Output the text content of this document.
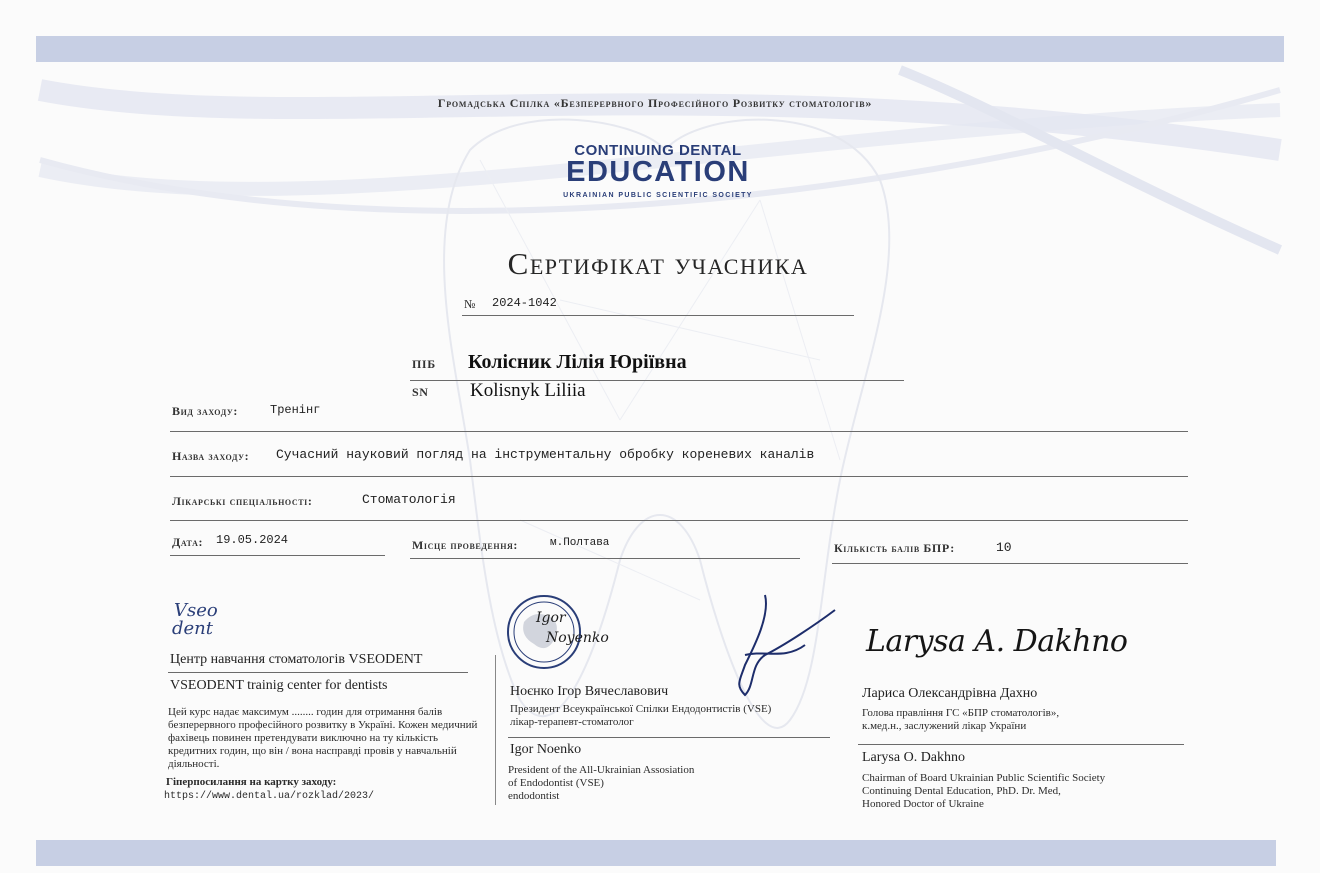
Громадська Спілка «Безперервного Професійного Розвитку стоматологів»
CONTINUING DENTAL
EDUCATION
UKRAINIAN PUBLIC SCIENTIFIC SOCIETY
Сертифікат учасника
№ 2024-1042
ПІБ Колісник Лілія Юріївна
SN Kolisnyk Liliia
Вид заходу:	Тренінг
Назва заходу: Сучасний науковий погляд на інструментальну обробку кореневих каналів
Лікарські спеціальності:	Стоматологія
Дата: 19.05.2024	Місце проведення:	м.Полтава	Кількість балів БПР:	10
Vseo
dent
Центр навчання стоматологів VSEODENT
VSEODENT trainig center for dentists
Цей курс надає максимум ........ годин для отримання балів безперервного професійного розвитку в Україні. Кожен медичний фахівець повинен претендувати виключно на ту кількість кредитних годин, що він / вона насправді провів у навчальній діяльності.
Гіперпосилання на картку заходу:
https://www.dental.ua/rozklad/2023/
Igor
Noyenko
Ноєнко Ігор Вячеславович
Президент Всеукраїнської Спілки Ендодонтистів (VSE)
лікар-терапевт-стоматолог
Igor Noenko
President of the All-Ukrainian Assosiation
of Endodontist (VSE)
endodontist
Larysa A. Dakhno
Лариса Олександрівна Дахно
Голова правління ГС «БПР стоматологів»,
к.мед.н., заслужений лікар України
Larysa O. Dakhno
Chairman of Board Ukrainian Public Scientific Society
Continuing Dental Education, PhD. Dr. Med,
Honored Doctor of Ukraine
